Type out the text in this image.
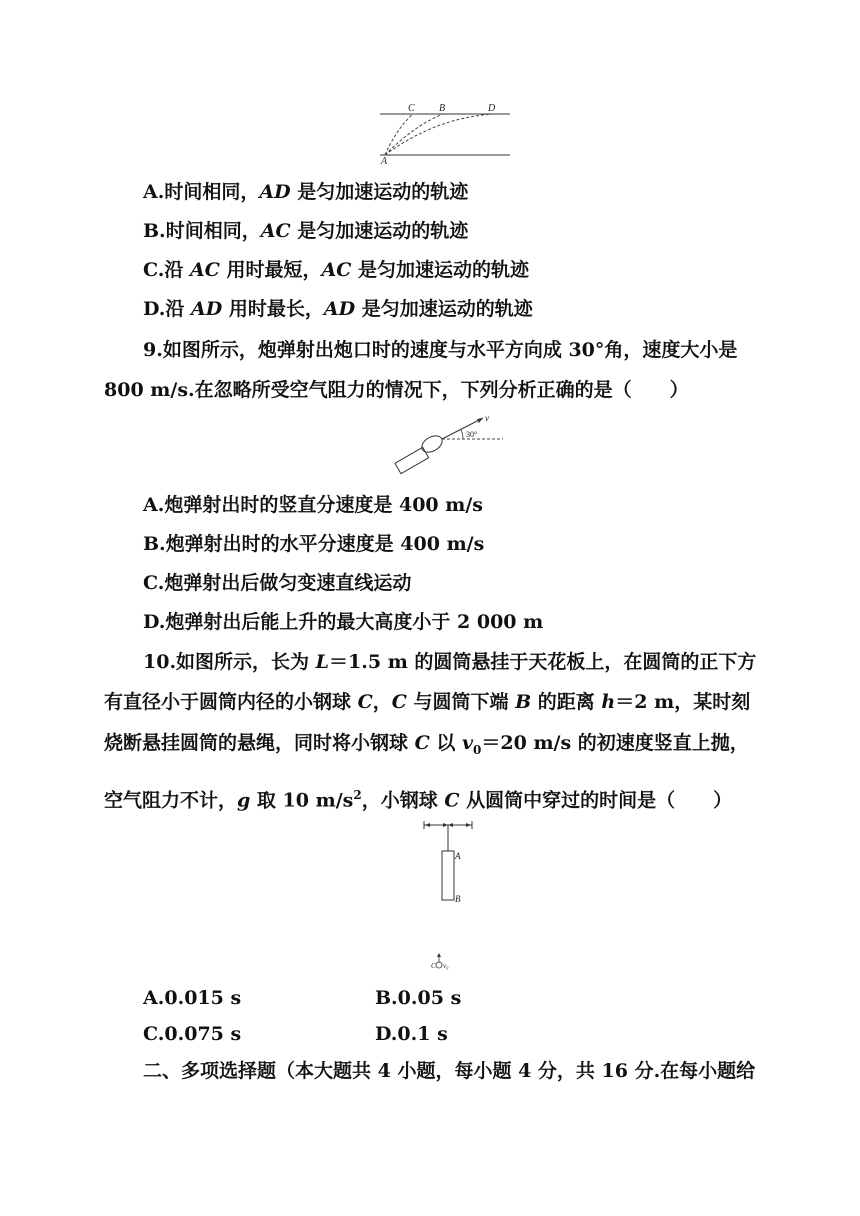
C B	D
A
A.时间相同，AD 是匀加速运动的轨迹
B.时间相同，AC 是匀加速运动的轨迹
C.沿 AC 用时最短，AC 是匀加速运动的轨迹
D.沿 AD 用时最长，AD 是匀加速运动的轨迹
9.如图所示，炮弹射出炮口时的速度与水平方向成 30°角，速度大小是
800 m/s.在忽略所受空气阻力的情况下，下列分析正确的是（　　）
v
30°
A.炮弹射出时的竖直分速度是 400 m/s
B.炮弹射出时的水平分速度是 400 m/s
C.炮弹射出后做匀变速直线运动
D.炮弹射出后能上升的最大高度小于 2 000 m
10.如图所示，长为 L＝1.5 m 的圆筒悬挂于天花板上，在圆筒的正下方
有直径小于圆筒内径的小钢球 C，C 与圆筒下端 B 的距离 h＝2 m，某时刻
烧断悬挂圆筒的悬绳，同时将小钢球 C 以 $v_0=20$ m/s 的初速度竖直上抛，
空气阻力不计，g 取 10 $m/s^2$，小钢球 C 从圆筒中穿过的时间是（　　）
A
B
C v₀
A.0.015 s	B.0.05 s
C.0.075 s	D.0.1 s
二、多项选择题（本大题共 4 小题，每小题 4 分，共 16 分.在每小题给
